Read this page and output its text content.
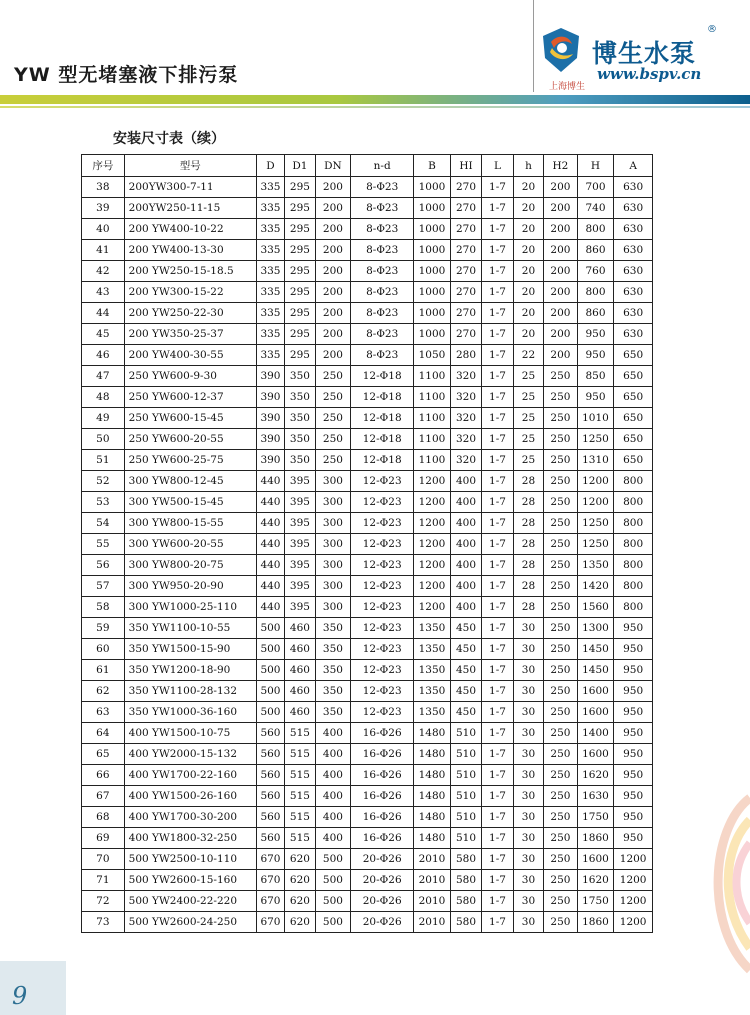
YW 型无堵塞液下排污泵
博生水泵
®
www.bspv.cn
上海博生
安装尺寸表（续）
序号	型号	D	D1	DN	n-d	B	HI	L	h	H2	H	A
38	200YW300-7-11	335	295	200	8-Φ23	1000	270	1-7	20	200	700	630
39	200YW250-11-15	335	295	200	8-Φ23	1000	270	1-7	20	200	740	630
40	200 YW400-10-22	335	295	200	8-Φ23	1000	270	1-7	20	200	800	630
41	200 YW400-13-30	335	295	200	8-Φ23	1000	270	1-7	20	200	860	630
42	200 YW250-15-18.5	335	295	200	8-Φ23	1000	270	1-7	20	200	760	630
43	200 YW300-15-22	335	295	200	8-Φ23	1000	270	1-7	20	200	800	630
44	200 YW250-22-30	335	295	200	8-Φ23	1000	270	1-7	20	200	860	630
45	200 YW350-25-37	335	295	200	8-Φ23	1000	270	1-7	20	200	950	630
46	200 YW400-30-55	335	295	200	8-Φ23	1050	280	1-7	22	200	950	650
47	250 YW600-9-30	390	350	250	12-Φ18	1100	320	1-7	25	250	850	650
48	250 YW600-12-37	390	350	250	12-Φ18	1100	320	1-7	25	250	950	650
49	250 YW600-15-45	390	350	250	12-Φ18	1100	320	1-7	25	250	1010	650
50	250 YW600-20-55	390	350	250	12-Φ18	1100	320	1-7	25	250	1250	650
51	250 YW600-25-75	390	350	250	12-Φ18	1100	320	1-7	25	250	1310	650
52	300 YW800-12-45	440	395	300	12-Φ23	1200	400	1-7	28	250	1200	800
53	300 YW500-15-45	440	395	300	12-Φ23	1200	400	1-7	28	250	1200	800
54	300 YW800-15-55	440	395	300	12-Φ23	1200	400	1-7	28	250	1250	800
55	300 YW600-20-55	440	395	300	12-Φ23	1200	400	1-7	28	250	1250	800
56	300 YW800-20-75	440	395	300	12-Φ23	1200	400	1-7	28	250	1350	800
57	300 YW950-20-90	440	395	300	12-Φ23	1200	400	1-7	28	250	1420	800
58	300 YW1000-25-110	440	395	300	12-Φ23	1200	400	1-7	28	250	1560	800
59	350 YW1100-10-55	500	460	350	12-Φ23	1350	450	1-7	30	250	1300	950
60	350 YW1500-15-90	500	460	350	12-Φ23	1350	450	1-7	30	250	1450	950
61	350 YW1200-18-90	500	460	350	12-Φ23	1350	450	1-7	30	250	1450	950
62	350 YW1100-28-132	500	460	350	12-Φ23	1350	450	1-7	30	250	1600	950
63	350 YW1000-36-160	500	460	350	12-Φ23	1350	450	1-7	30	250	1600	950
64	400 YW1500-10-75	560	515	400	16-Φ26	1480	510	1-7	30	250	1400	950
65	400 YW2000-15-132	560	515	400	16-Φ26	1480	510	1-7	30	250	1600	950
66	400 YW1700-22-160	560	515	400	16-Φ26	1480	510	1-7	30	250	1620	950
67	400 YW1500-26-160	560	515	400	16-Φ26	1480	510	1-7	30	250	1630	950
68	400 YW1700-30-200	560	515	400	16-Φ26	1480	510	1-7	30	250	1750	950
69	400 YW1800-32-250	560	515	400	16-Φ26	1480	510	1-7	30	250	1860	950
70	500 YW2500-10-110	670	620	500	20-Φ26	2010	580	1-7	30	250	1600	1200
71	500 YW2600-15-160	670	620	500	20-Φ26	2010	580	1-7	30	250	1620	1200
72	500 YW2400-22-220	670	620	500	20-Φ26	2010	580	1-7	30	250	1750	1200
73	500 YW2600-24-250	670	620	500	20-Φ26	2010	580	1-7	30	250	1860	1200
9
